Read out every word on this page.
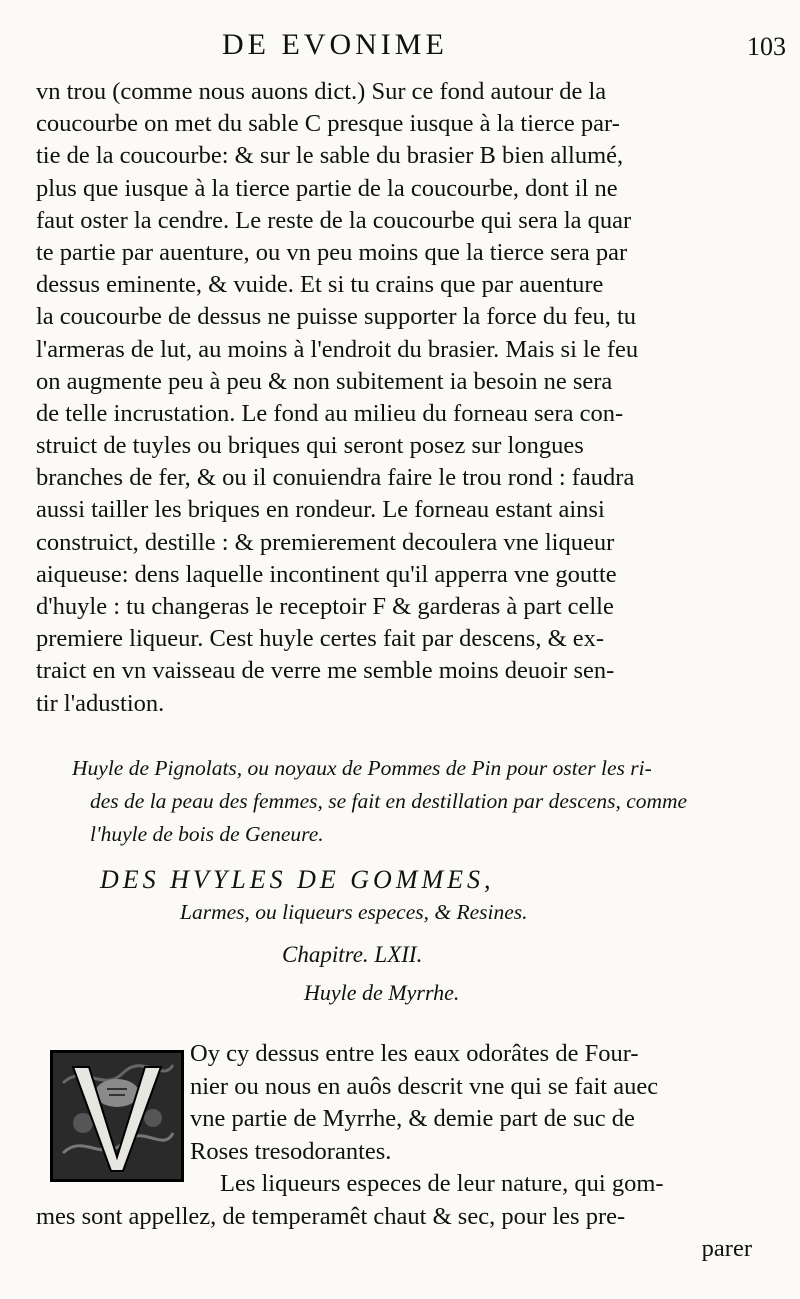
DE EVONIME	103
vn trou (comme nous auons dict.) Sur ce fond autour de la
coucourbe on met du sable C presque iusque à la tierce par-
tie de la coucourbe: & sur le sable du brasier B bien allumé,
plus que iusque à la tierce partie de la coucourbe, dont il ne
faut oster la cendre. Le reste de la coucourbe qui sera la quar
te partie par auenture, ou vn peu moins que la tierce sera par
dessus eminente, & vuide. Et si tu crains que par auenture
la coucourbe de dessus ne puisse supporter la force du feu, tu
l'armeras de lut, au moins à l'endroit du brasier. Mais si le feu
on augmente peu à peu & non subitement ia besoin ne sera
de telle incrustation. Le fond au milieu du forneau sera con-
struict de tuyles ou briques qui seront posez sur longues
branches de fer, & ou il conuiendra faire le trou rond : faudra
aussi tailler les briques en rondeur. Le forneau estant ainsi
construict, destille : & premierement decoulera vne liqueur
aiqueuse: dens laquelle incontinent qu'il apperra vne goutte
d'huyle : tu changeras le receptoir F & garderas à part celle
premiere liqueur. Cest huyle certes fait par descens, & ex-
traict en vn vaisseau de verre me semble moins deuoir sen-
tir l'adustion.
Huyle de Pignolats, ou noyaux de Pommes de Pin pour oster les ri-
des de la peau des femmes, se fait en destillation par descens, comme
l'huyle de bois de Geneure.
DES HVYLES DE GOMMES,
Larmes, ou liqueurs especes, & Resines.
Chapitre. LXII.
Huyle de Myrrhe.
Oy cy dessus entre les eaux odorâtes de Four-
nier ou nous en auôs descrit vne qui se fait auec
vne partie de Myrrhe, & demie part de suc de
Roses tresodorantes.
Les liqueurs especes de leur nature, qui gom-
mes sont appellez, de temperamêt chaut & sec, pour les pre-
parer
